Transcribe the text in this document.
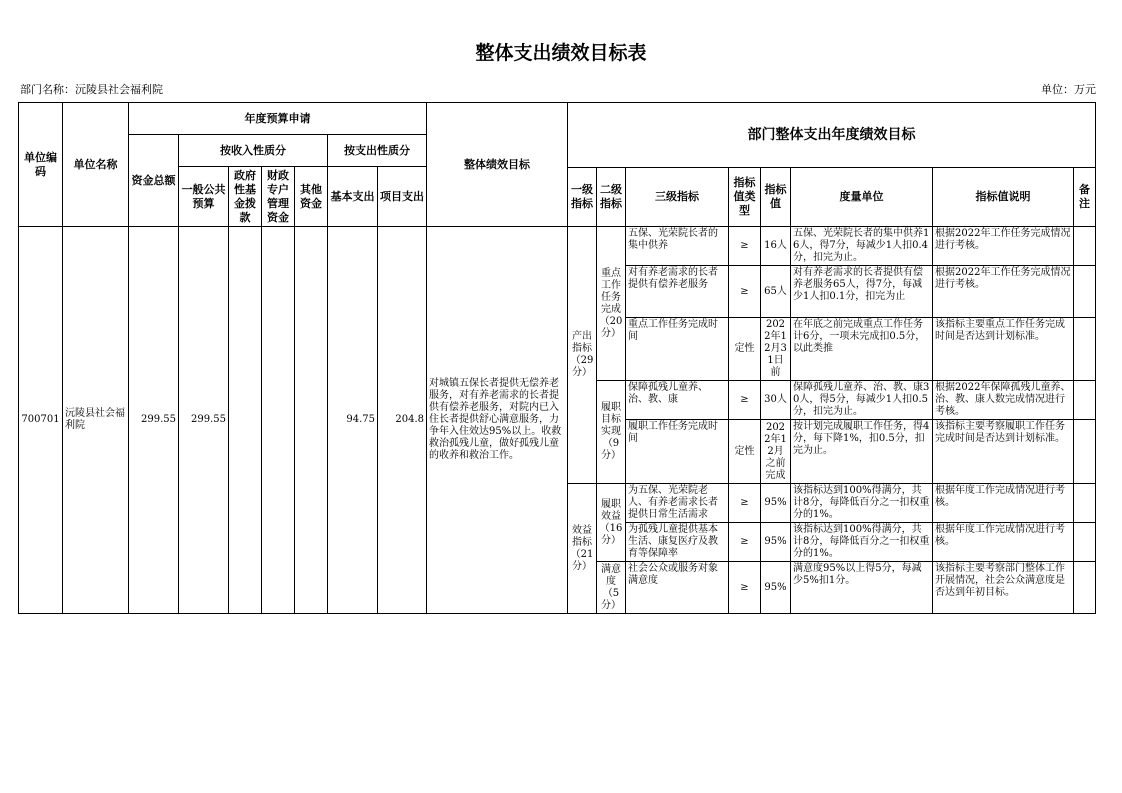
整体支出绩效目标表
部门名称：沅陵县社会福利院	单位：万元
单位编码	单位名称	年度预算申请							整体绩效目标	部门整体支出年度绩效目标							
		资金总额	按收入性质分				按支出性质分										
			一般公共预算	政府性基金拨款	财政专户管理资金	其他资金	基本支出	项目支出									
										一级指标	二级指标	三级指标	指标值类型	指标值	度量单位	指标值说明	备注
700701	沅陵县社会福利院	299.55	299.55				94.75	204.8	对城镇五保长者提供无偿养老服务，对有养老需求的长者提供有偿养老服务，对院内已入住长者提供舒心满意服务，力争年入住效达95%以上。收救救治孤残儿童，做好孤残儿童的收养和救治工作。	产出指标（29分）	重点工作任务完成（20分）	五保、光荣院长者的集中供养	≥	16人	五保、光荣院长者的集中供养16人，得7分，每减少1人扣0.4分，扣完为止。	根据2022年工作任务完成情况进行考核。	
												对有养老需求的长者提供有偿养老服务	≥	65人	对有养老需求的长者提供有偿养老服务65人，得7分，每减少1人扣0.1分，扣完为止	根据2022年工作任务完成情况进行考核。	
												重点工作任务完成时间	定性	2022年12月31日前	在年底之前完成重点工作任务计6分，一项未完成扣0.5分，以此类推	该指标主要重点工作任务完成时间是否达到计划标准。	
											履职目标实现（9分）	保障孤残儿童养、治、教、康	≥	30人	保障孤残儿童养、治、教、康30人，得5分，每减少1人扣0.5分，扣完为止。	根据2022年保障孤残儿童养、治、教、康人数完成情况进行考核。	
												履职工作任务完成时间	定性	2022年12月之前完成	按计划完成履职工作任务，得4分，每下降1%，扣0.5分，扣完为止。	该指标主要考察履职工作任务完成时间是否达到计划标准。	
										效益指标（21分）	履职效益（16分）	为五保、光荣院老人、有养老需求长者提供日常生活需求	≥	95%	该指标达到100%得满分，共计8分，每降低百分之一扣权重分的1%。	根据年度工作完成情况进行考核。	
												为孤残儿童提供基本生活、康复医疗及教育等保障率	≥	95%	该指标达到100%得满分，共计8分，每降低百分之一扣权重分的1%。	根据年度工作完成情况进行考核。	
											满意度（5分）	社会公众或服务对象满意度	≥	95%	满意度95%以上得5分，每减少5%扣1分。	该指标主要考察部门整体工作开展情况，社会公众满意度是否达到年初目标。	
